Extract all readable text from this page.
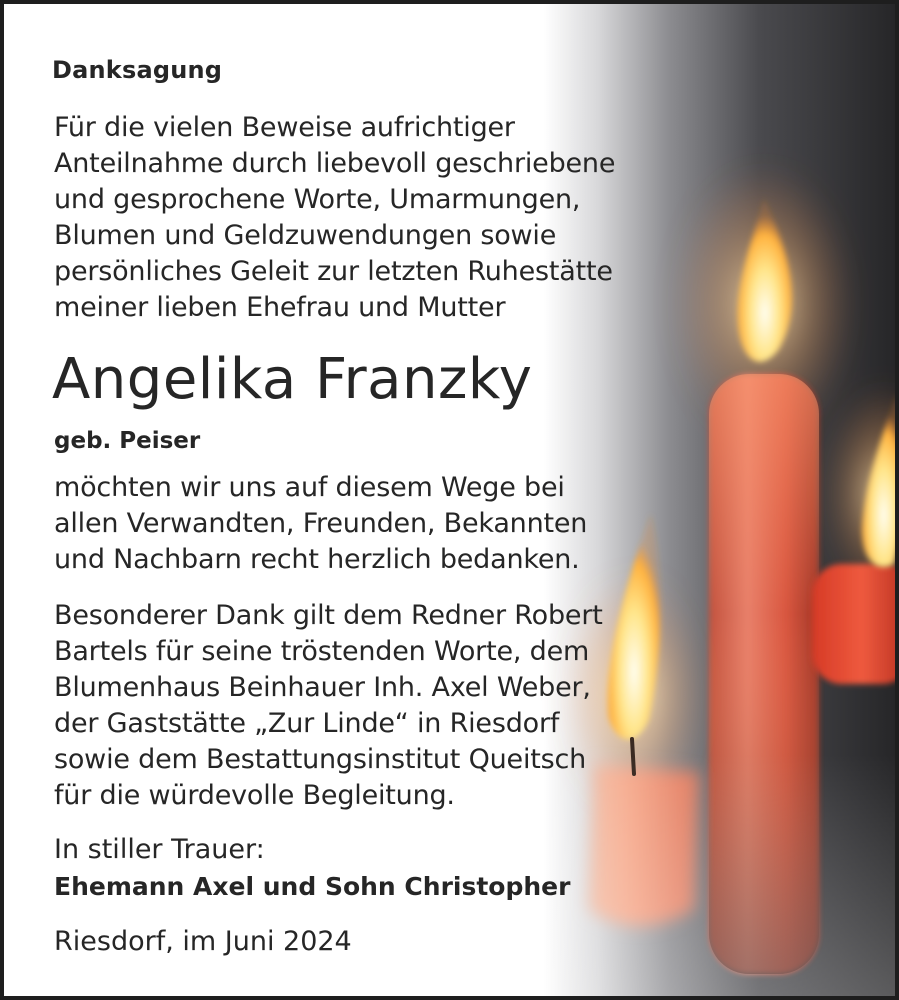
Danksagung

Für die vielen Beweise aufrichtiger
Anteilnahme durch liebevoll geschriebene
und gesprochene Worte, Umarmungen,
Blumen und Geldzuwendungen sowie
persönliches Geleit zur letzten Ruhestätte
meiner lieben Ehefrau und Mutter

Angelika Franzky

geb. Peiser

möchten wir uns auf diesem Wege bei
allen Verwandten, Freunden, Bekannten
und Nachbarn recht herzlich bedanken.

Besonderer Dank gilt dem Redner Robert
Bartels für seine tröstenden Worte, dem
Blumenhaus Beinhauer Inh. Axel Weber,
der Gaststätte „Zur Linde“ in Riesdorf
sowie dem Bestattungsinstitut Queitsch
für die würdevolle Begleitung.

In stiller Trauer:

Ehemann Axel und Sohn Christopher

Riesdorf, im Juni 2024
